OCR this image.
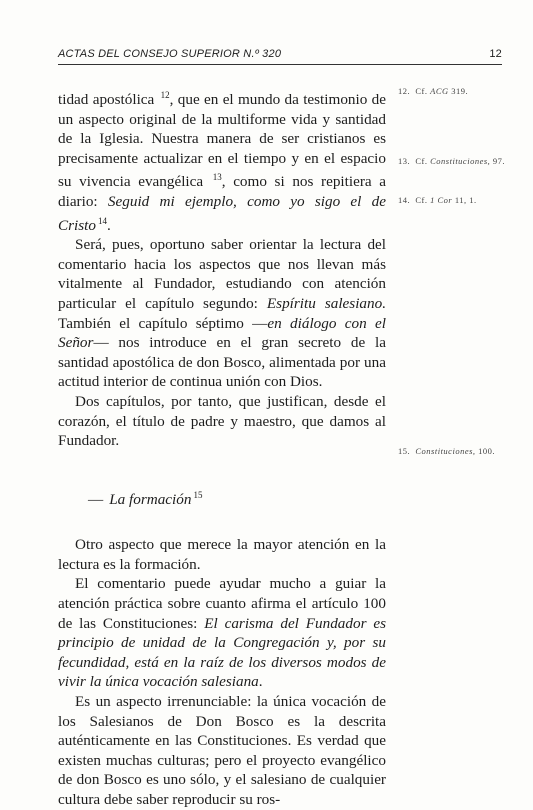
ACTAS DEL CONSEJO SUPERIOR N.º 320	12

tidad apostólica $^{12}$, que en el mundo da testimonio de un aspecto original de la multiforme vida y santidad de la Iglesia. Nuestra manera de ser cristianos es precisamente actualizar en el tiempo y en el espacio su vivencia evangélica $^{13}$, como si nos repitiera a diario: Seguid mi ejemplo, como yo sigo el de Cristo $^{14}$.

Será, pues, oportuno saber orientar la lectura del comentario hacia los aspectos que nos llevan más vitalmente al Fundador, estudiando con atención particular el capítulo segundo: Espíritu salesiano. También el capítulo séptimo —en diálogo con el Señor— nos introduce en el gran secreto de la santidad apostólica de don Bosco, alimentada por una actitud interior de continua unión con Dios.

Dos capítulos, por tanto, que justifican, desde el corazón, el título de padre y maestro, que damos al Fundador.

— La formación $^{15}$

Otro aspecto que merece la mayor atención en la lectura es la formación.

El comentario puede ayudar mucho a guiar la atención práctica sobre cuanto afirma el artículo 100 de las Constituciones: El carisma del Fundador es principio de unidad de la Congregación y, por su fecundidad, está en la raíz de los diversos modos de vivir la única vocación salesiana.

Es un aspecto irrenunciable: la única vocación de los Salesianos de Don Bosco es la descrita auténticamente en las Constituciones. Es verdad que existen muchas culturas; pero el proyecto evangélico de don Bosco es uno sólo, y el salesiano de cualquier cultura debe saber reproducir su ros-

12. Cf. ACG 319.
13. Cf. Constituciones, 97.
14. Cf. 1 Cor 11, 1.
15. Constituciones, 100.
